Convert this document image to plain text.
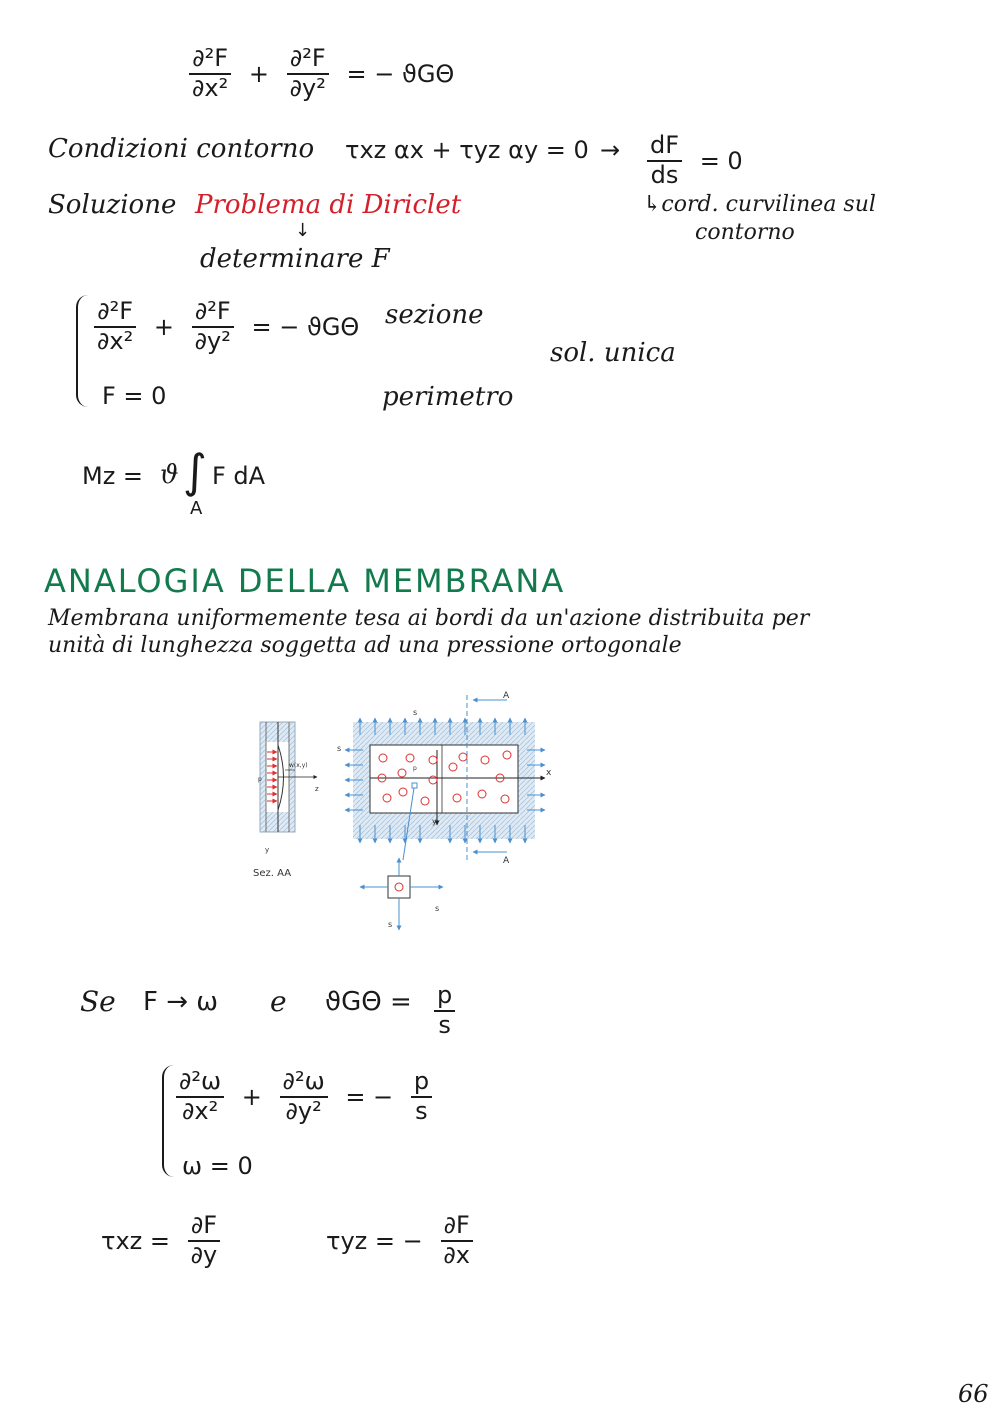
$\frac{\text{∂²F}}{\text{∂x²}} + \frac{\text{∂²F}}{\text{∂y²}}$ = − ϑGΘ
Condizioni contorno τxz αx + τyz $\alpha y = 0 \to \frac{dF}{ds} = 0$
↳cord. curvilinea sul
contorno
Soluzione Problema di Diriclet
↓
determinare F
$\frac{\text{∂²F}}{\text{∂x²}} + \frac{\text{∂²F}}{\text{∂y²}}$ = − ϑGΘ sezione
F = 0	perimetro
sol. unica
Mz = ϑ ∫
A
F dA
ANALOGIA DELLA MEMBRANA
Membrana uniformemente tesa ai bordi da un'azione distribuita per
unità di lunghezza soggetta ad una pressione ortogonale
z
w(x,y)
p
y
Sez. AA
A
A
s
s
x
y
p
s
s
Se F → ω e $ϑG\Theta = \frac{p}{s}$
$\frac{\text{∂²ω}}{\text{∂x²}} + \frac{\text{∂²ω}}{\text{∂y²}}$ = − $\frac{p}{s}$
ω = 0
$\tau xz = \frac{\partial F}{\partial y}$	τyz = − $\frac{\partial F}{\partial x}$
66
